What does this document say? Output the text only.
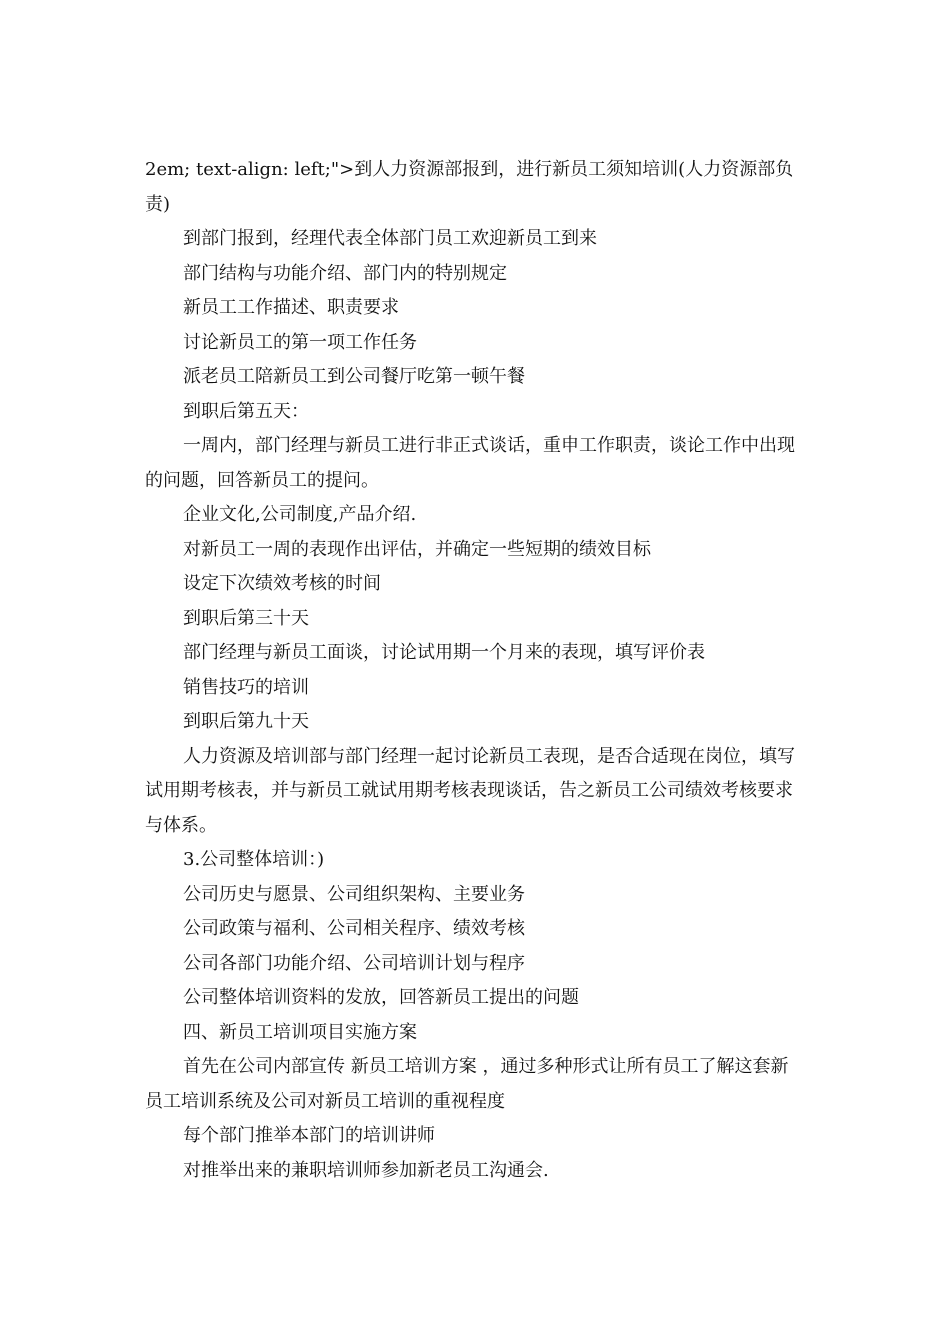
2em; text-align: left;">到人力资源部报到，进行新员工须知培训(人力资源部负责)

到部门报到，经理代表全体部门员工欢迎新员工到来

部门结构与功能介绍、部门内的特别规定

新员工工作描述、职责要求

讨论新员工的第一项工作任务

派老员工陪新员工到公司餐厅吃第一顿午餐

到职后第五天：

一周内，部门经理与新员工进行非正式谈话，重申工作职责，谈论工作中出现的问题，回答新员工的提问。

企业文化,公司制度,产品介绍.

对新员工一周的表现作出评估，并确定一些短期的绩效目标

设定下次绩效考核的时间

到职后第三十天

部门经理与新员工面谈，讨论试用期一个月来的表现，填写评价表

销售技巧的培训

到职后第九十天

人力资源及培训部与部门经理一起讨论新员工表现，是否合适现在岗位，填写试用期考核表，并与新员工就试用期考核表现谈话，告之新员工公司绩效考核要求与体系。

3.公司整体培训：)

公司历史与愿景、公司组织架构、主要业务

公司政策与福利、公司相关程序、绩效考核

公司各部门功能介绍、公司培训计划与程序

公司整体培训资料的发放，回答新员工提出的问题

四、新员工培训项目实施方案

首先在公司内部宣传 新员工培训方案 ，通过多种形式让所有员工了解这套新员工培训系统及公司对新员工培训的重视程度

每个部门推举本部门的培训讲师

对推举出来的兼职培训师参加新老员工沟通会.
